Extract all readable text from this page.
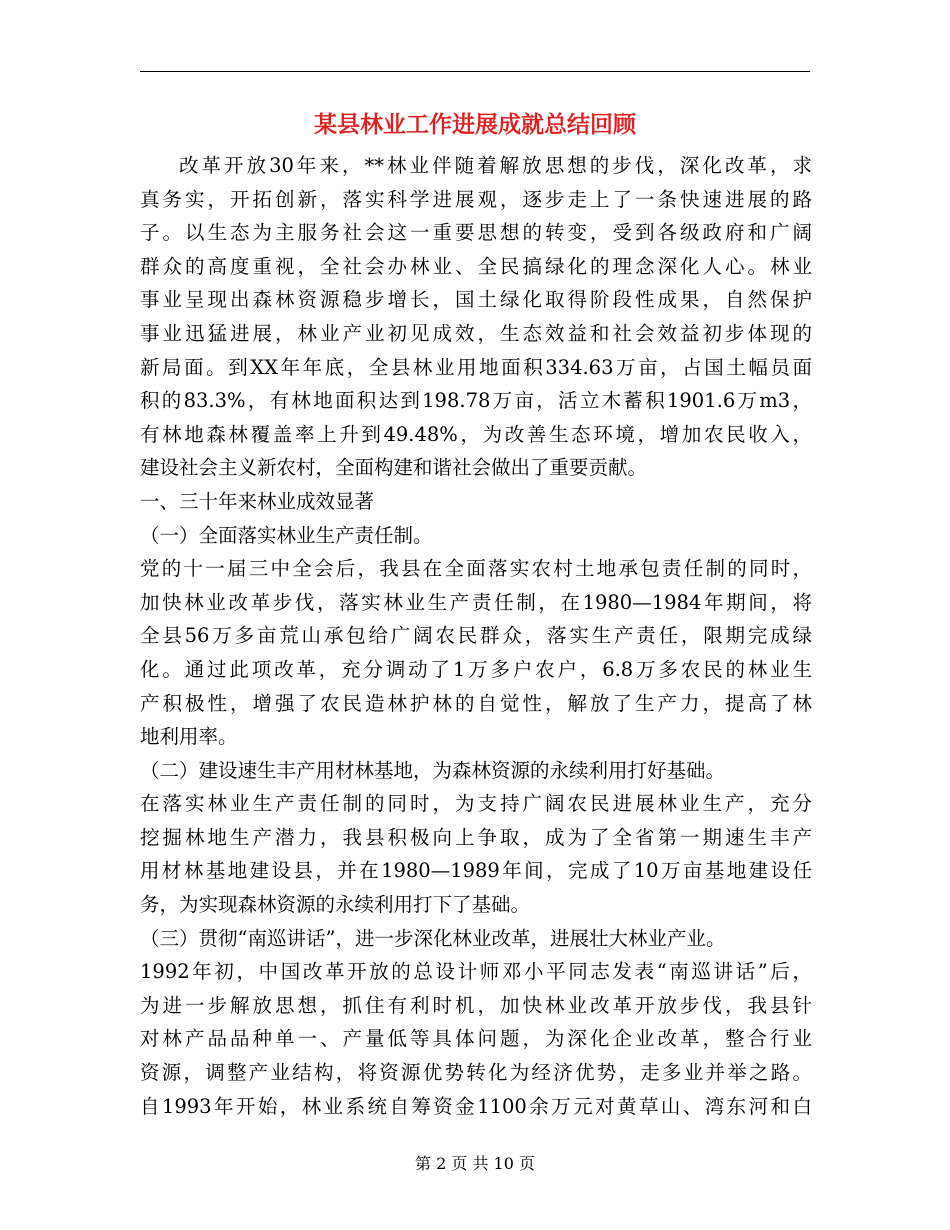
某县林业工作进展成就总结回顾
改革开放30年来，**林业伴随着解放思想的步伐，深化改革，求
真务实，开拓创新，落实科学进展观，逐步走上了一条快速进展的路
子。以生态为主服务社会这一重要思想的转变，受到各级政府和广阔
群众的高度重视，全社会办林业、全民搞绿化的理念深化人心。林业
事业呈现出森林资源稳步增长，国土绿化取得阶段性成果，自然保护
事业迅猛进展，林业产业初见成效，生态效益和社会效益初步体现的
新局面。到XX年年底，全县林业用地面积334.63万亩，占国土幅员面
积的83.3%，有林地面积达到198.78万亩，活立木蓄积1901.6万m3，
有林地森林覆盖率上升到49.48%，为改善生态环境，增加农民收入，
建设社会主义新农村，全面构建和谐社会做出了重要贡献。
一、三十年来林业成效显著
（一）全面落实林业生产责任制。
党的十一届三中全会后，我县在全面落实农村土地承包责任制的同时，
加快林业改革步伐，落实林业生产责任制，在1980—1984年期间，将
全县56万多亩荒山承包给广阔农民群众，落实生产责任，限期完成绿
化。通过此项改革，充分调动了1万多户农户，6.8万多农民的林业生
产积极性，增强了农民造林护林的自觉性，解放了生产力，提高了林
地利用率。
（二）建设速生丰产用材林基地，为森林资源的永续利用打好基础。
在落实林业生产责任制的同时，为支持广阔农民进展林业生产，充分
挖掘林地生产潜力，我县积极向上争取，成为了全省第一期速生丰产
用材林基地建设县，并在1980—1989年间，完成了10万亩基地建设任
务，为实现森林资源的永续利用打下了基础。
（三）贯彻“南巡讲话”，进一步深化林业改革，进展壮大林业产业。
1992年初，中国改革开放的总设计师邓小平同志发表“南巡讲话”后，
为进一步解放思想，抓住有利时机，加快林业改革开放步伐，我县针
对林产品品种单一、产量低等具体问题，为深化企业改革，整合行业
资源，调整产业结构，将资源优势转化为经济优势，走多业并举之路。
自1993年开始，林业系统自筹资金1100余万元对黄草山、湾东河和白
第 2 页 共 10 页
